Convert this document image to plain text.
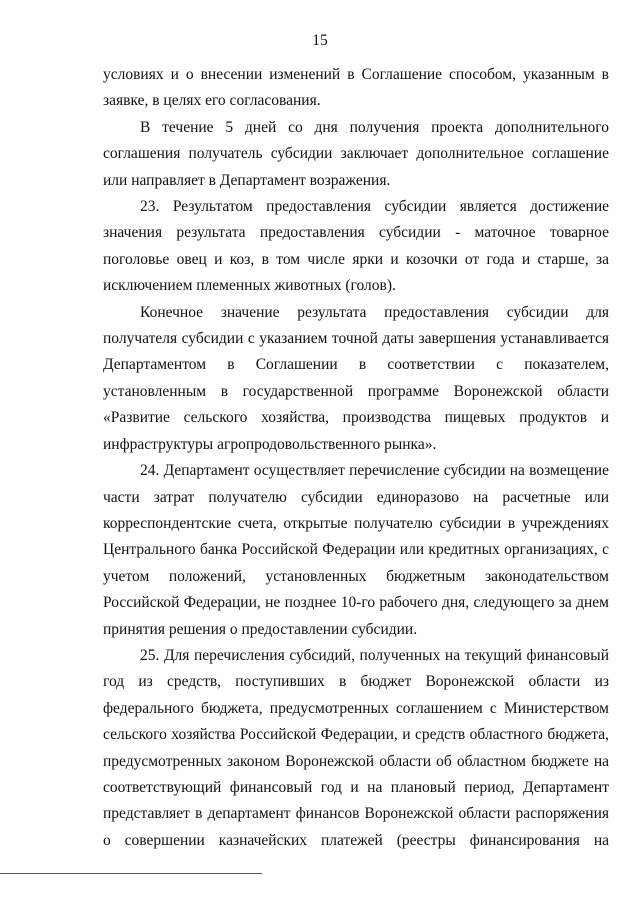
15

условиях и о внесении изменений в Соглашение способом, указанным в заявке, в целях его согласования.

В течение 5 дней со дня получения проекта дополнительного соглашения получатель субсидии заключает дополнительное соглашение или направляет в Департамент возражения.

23. Результатом предоставления субсидии является достижение значения результата предоставления субсидии - маточное товарное поголовье овец и коз, в том числе ярки и козочки от года и старше, за исключением племенных животных (голов).

Конечное значение результата предоставления субсидии для получателя субсидии с указанием точной даты завершения устанавливается Департаментом в Соглашении в соответствии с показателем, установленным в государственной программе Воронежской области «Развитие сельского хозяйства, производства пищевых продуктов и инфраструктуры агропродовольственного рынка».

24. Департамент осуществляет перечисление субсидии на возмещение части затрат получателю субсидии единоразово на расчетные или корреспондентские счета, открытые получателю субсидии в учреждениях Центрального банка Российской Федерации или кредитных организациях, с учетом положений, установленных бюджетным законодательством Российской Федерации, не позднее 10-го рабочего дня, следующего за днем принятия решения о предоставлении субсидии.

25. Для перечисления субсидий, полученных на текущий финансовый год из средств, поступивших в бюджет Воронежской области из федерального бюджета, предусмотренных соглашением с Министерством сельского хозяйства Российской Федерации, и средств областного бюджета, предусмотренных законом Воронежской области об областном бюджете на соответствующий финансовый год и на плановый период, Департамент представляет в департамент финансов Воронежской области распоряжения о совершении казначейских платежей (реестры финансирования на
